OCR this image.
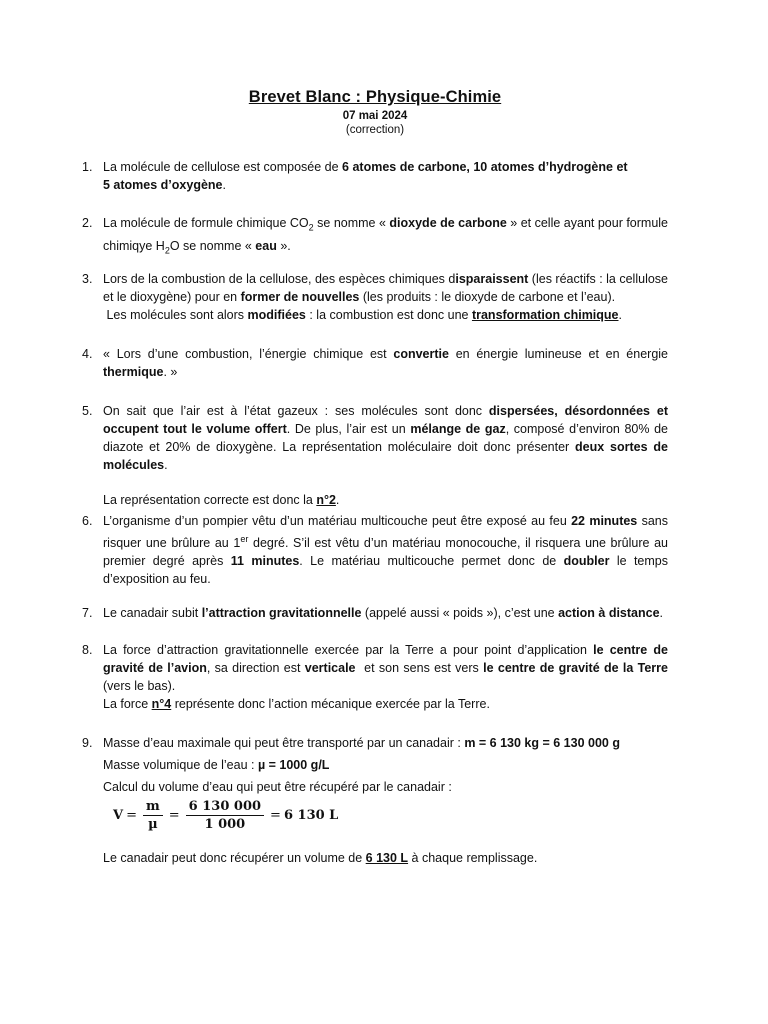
Brevet Blanc : Physique-Chimie
07 mai 2024
(correction)
1. La molécule de cellulose est composée de 6 atomes de carbone, 10 atomes d’hydrogène et
5 atomes d’oxygène.
2. La molécule de formule chimique $CO_2$ se nomme « dioxyde de carbone » et celle ayant pour formule chimiqye $H_2O$ se nomme « eau ».
3. Lors de la combustion de la cellulose, des espèces chimiques disparaissent (les réactifs : la cellulose et le dioxygène) pour en former de nouvelles (les produits : le dioxyde de carbone et l’eau).
Les molécules sont alors modifiées : la combustion est donc une transformation chimique.
4. « Lors d’une combustion, l’énergie chimique est convertie en énergie lumineuse et en énergie thermique. »
5. On sait que l’air est à l’état gazeux : ses molécules sont donc dispersées, désordonnées et occupent tout le volume offert. De plus, l’air est un mélange de gaz, composé d’environ 80% de diazote et 20% de dioxygène. La représentation moléculaire doit donc présenter deux sortes de molécules.
La représentation correcte est donc la n°2.
6. L’organisme d’un pompier vêtu d’un matériau multicouche peut être exposé au feu 22 minutes sans risquer une brûlure au 1er degré. S’il est vêtu d’un matériau monocouche, il risquera une brûlure au premier degré après 11 minutes. Le matériau multicouche permet donc de doubler le temps d’exposition au feu.
7. Le canadair subit l’attraction gravitationnelle (appelé aussi « poids »), c’est une action à distance.
8. La force d’attraction gravitationnelle exercée par la Terre a pour point d’application le centre de gravité de l’avion, sa direction est verticale  et son sens est vers le centre de gravité de la Terre (vers le bas).
La force n°4 représente donc l’action mécanique exercée par la Terre.
9. Masse d’eau maximale qui peut être transporté par un canadair : m = 6 130 kg = 6 130 000 g

Masse volumique de l’eau : µ = 1000 g/L

Calcul du volume d’eau qui peut être récupéré par le canadair :

$V = \frac{m}{\text{µ}} = \frac{6 130 000}{1 000} = 6$ 130 L

Le canadair peut donc récupérer un volume de 6 130 L à chaque remplissage.
